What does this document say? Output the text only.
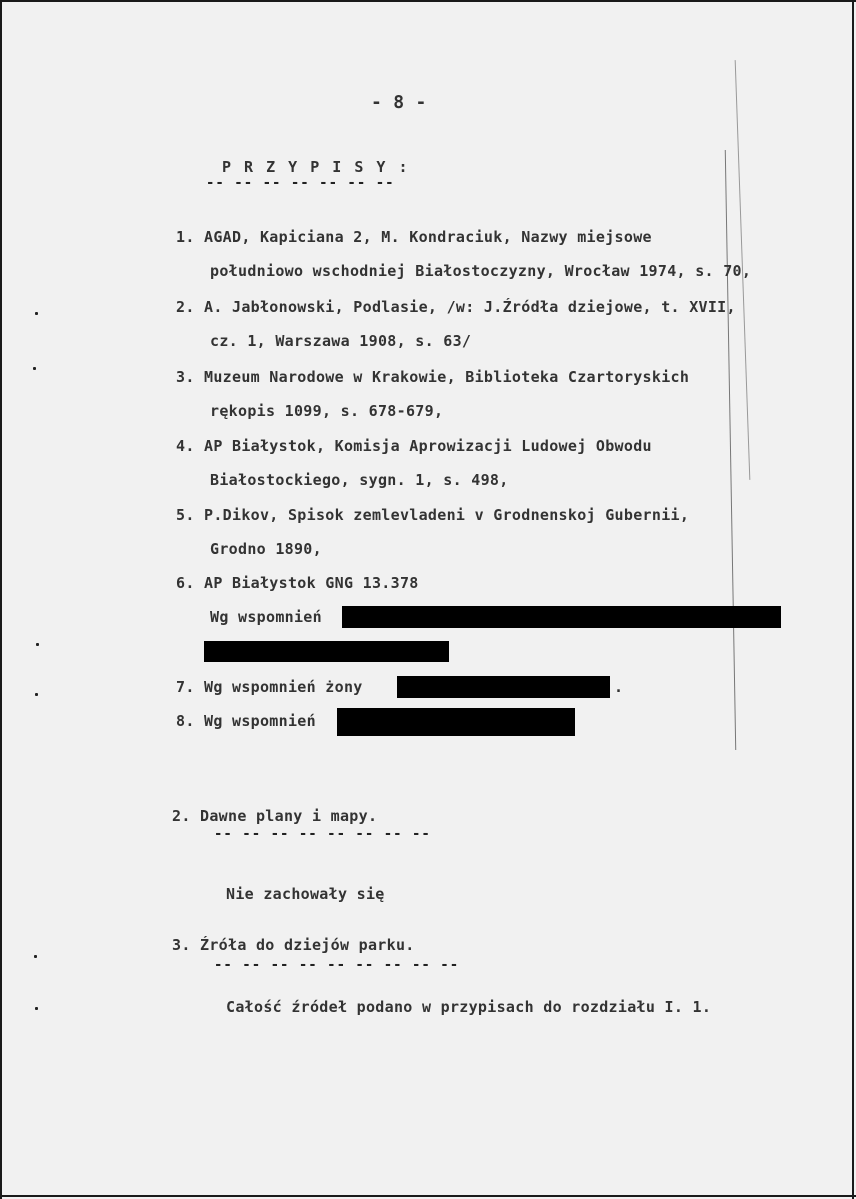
- 8 -
P R Z Y P I S Y :
-- -- -- -- -- -- --
1. AGAD, Kapiciana 2, M. Kondraciuk, Nazwy miejsowe
południowo wschodniej Białostoczyzny, Wrocław 1974, s. 70,
2. A. Jabłonowski, Podlasie, /w: J.Źródła dziejowe, t. XVII,
cz. 1, Warszawa 1908, s. 63/
3. Muzeum Narodowe w Krakowie, Biblioteka Czartoryskich
rękopis 1099, s. 678-679,
4. AP Białystok, Komisja Aprowizacji Ludowej Obwodu
Białostockiego, sygn. 1, s. 498,
5. P.Dikov, Spisok zemlevladeni v Grodnenskoj Gubernii,
Grodno 1890,
6. AP Białystok GNG 13.378
Wg wspomnień
7. Wg wspomnień żony	.
8. Wg wspomnień
2. Dawne plany i mapy.
-- -- -- -- -- -- -- --
Nie zachowały się
3. Źróła do dziejów parku.
-- -- -- -- -- -- -- -- --
Całość źródeł podano w przypisach do rozdziału I. 1.
